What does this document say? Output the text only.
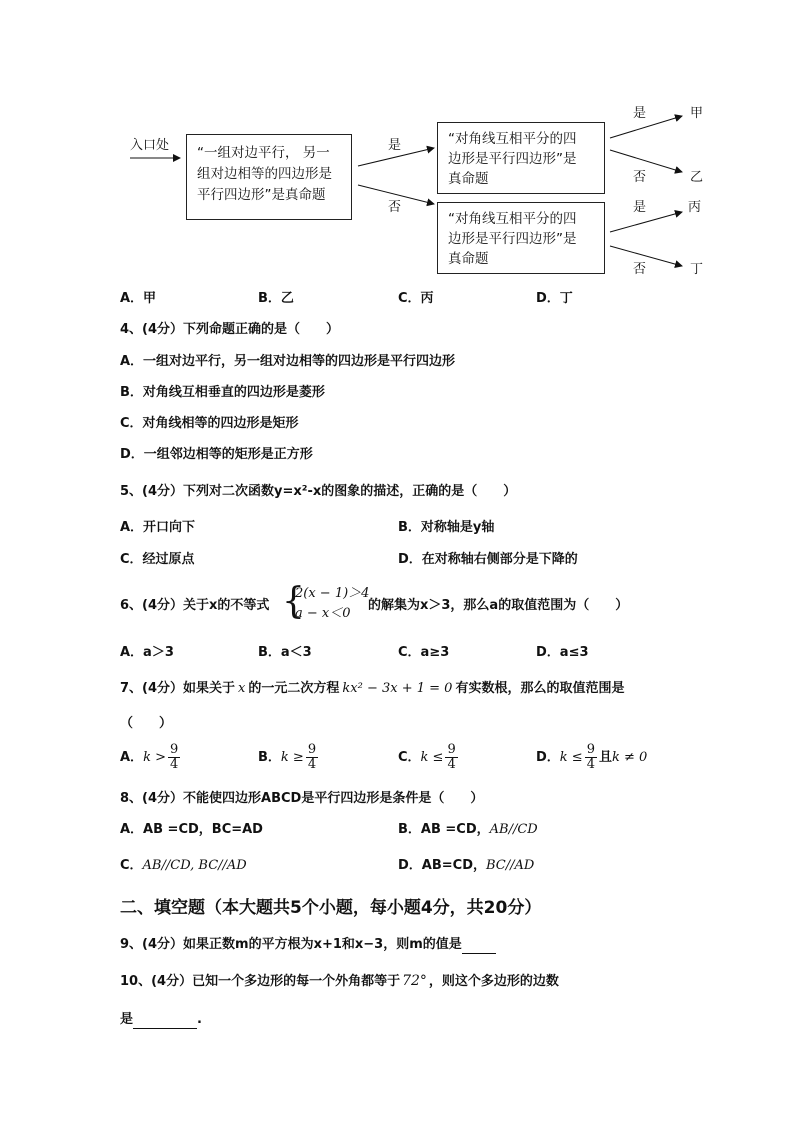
入口处 “一组对边平行， 另一
组对边相等的四边形是
平行四边形”是真命题
“对角线互相平分的四
边形是平行四边形”是
真命题
“对角线互相平分的四
边形是平行四边形”是
真命题
是
否
是
否
是
否
甲
乙
丙
丁
A．甲	B．乙	C．丙	D．丁
4、(4分）下列命题正确的是（　　）
A．一组对边平行，另一组对边相等的四边形是平行四边形
B．对角线互相垂直的四边形是菱形
C．对角线相等的四边形是矩形
D．一组邻边相等的矩形是正方形
5、(4分）下列对二次函数y=x²-x的图象的描述，正确的是（　　）
A．开口向下	B．对称轴是y轴
C．经过原点	D．在对称轴右侧部分是下降的
6、(4分）关于x的不等式 {
2(x − 1)＞4
a − x＜0
的解集为x＞3，那么a的取值范围为（　　）
A．a＞3	B．a＜3	C．a≥3	D．a≤3
7、(4分）如果关于 x 的一元二次方程 kx² − 3x + 1 = 0 有实数根，那么的取值范围是
（　　）
A．$k > \frac{9}{4}$	B．$k \ge \frac{9}{4}$	C．$k \le \frac{9}{4}$	D．$k \le \frac{9}{4}$ 且k ≠ 0
8、(4分）不能使四边形ABCD是平行四边形是条件是（　　）
A．AB =CD，BC=AD	B．AB =CD，AB//CD
C．AB//CD, BC//AD	D．AB=CD，BC//AD
二、填空题（本大题共5个小题，每小题4分，共20分）
9、(4分）如果正数m的平方根为x+1和x−3，则m的值是
10、(4分）已知一个多边形的每一个外角都等于 72° ，则这个多边形的边数
是	.
